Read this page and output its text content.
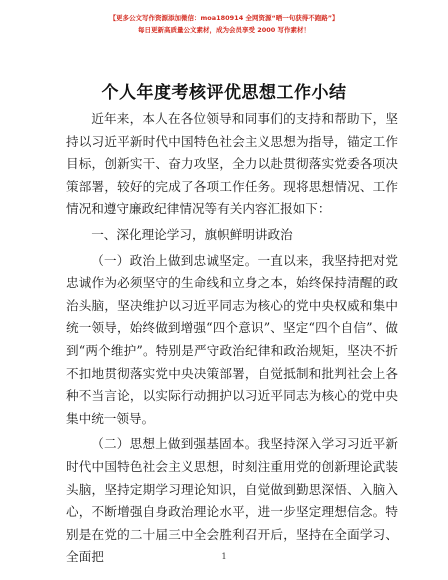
【更多公文写作资源添加微信：moa180914 全网资源“晒一句获得不跑路”】
每日更新高质量公文素材，成为会员享受 2000 写作素材！
个人年度考核评优思想工作小结

近年来，本人在各位领导和同事们的支持和帮助下，坚持以习近平新时代中国特色社会主义思想为指导，锚定工作目标，创新实干、奋力攻坚，全力以赴贯彻落实党委各项决策部署，较好的完成了各项工作任务。现将思想情况、工作情况和遵守廉政纪律情况等有关内容汇报如下：

一、深化理论学习，旗帜鲜明讲政治

（一）政治上做到忠诚坚定。一直以来，我坚持把对党忠诚作为必须坚守的生命线和立身之本，始终保持清醒的政治头脑，坚决维护以习近平同志为核心的党中央权威和集中统一领导，始终做到增强“四个意识”、坚定“四个自信”、做到“两个维护”。特别是严守政治纪律和政治规矩，坚决不折不扣地贯彻落实党中央决策部署，自觉抵制和批判社会上各种不当言论，以实际行动拥护以习近平同志为核心的党中央集中统一领导。

（二）思想上做到强基固本。我坚持深入学习习近平新时代中国特色社会主义思想，时刻注重用党的创新理论武装头脑，坚持定期学习理论知识，自觉做到勤思深悟、入脑入心，不断增强自身政治理论水平，进一步坚定理想信念。特别是在党的二十届三中全会胜利召开后，坚持在全面学习、全面把	1
